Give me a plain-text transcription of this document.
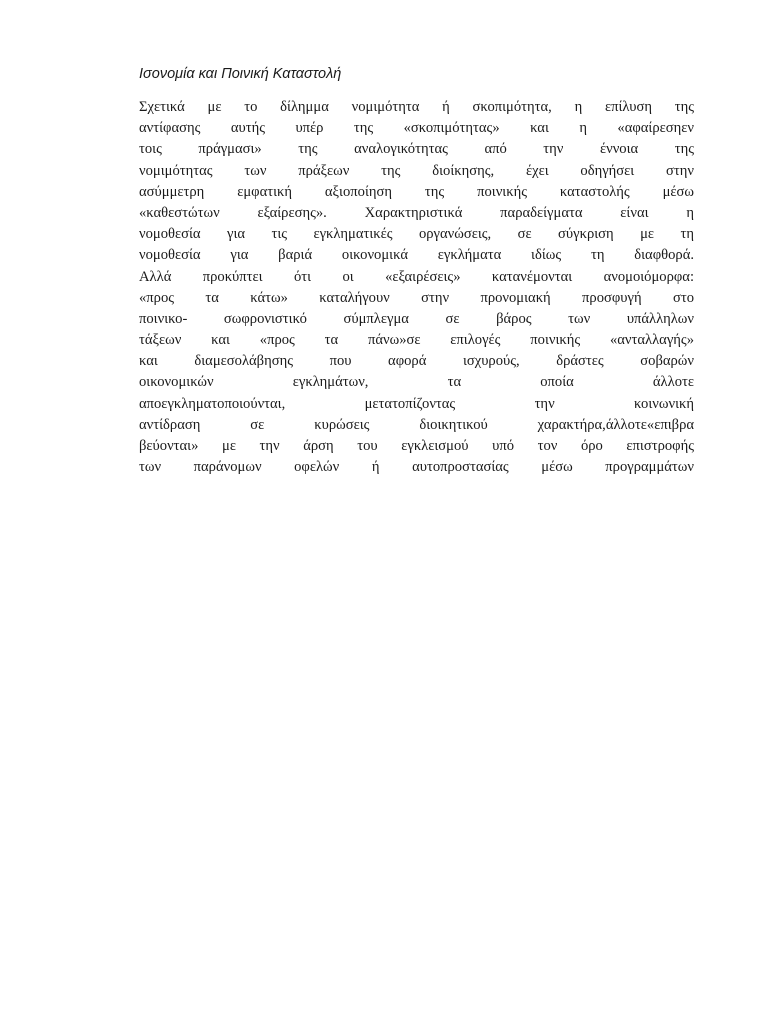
Ισονομία και Ποινική Καταστολή
Σχετικά με το δίλημμα νομιμότητα ή σκοπιμότητα, η επίλυση της
αντίφασης αυτής υπέρ της «σκοπιμότητας» και η «αφαίρεσηεν
τοις πράγμασι» της αναλογικότητας από την έννοια της
νομιμότητας των πράξεων της διοίκησης, έχει οδηγήσει στην
ασύμμετρη εμφατική αξιοποίηση της ποινικής καταστολής μέσω
«καθεστώτων εξαίρεσης». Χαρακτηριστικά παραδείγματα είναι η
νομοθεσία για τις εγκληματικές οργανώσεις, σε σύγκριση με τη
νομοθεσία για βαριά οικονομικά εγκλήματα ιδίως τη διαφθορά.
Αλλά προκύπτει ότι οι «εξαιρέσεις» κατανέμονται ανομοιόμορφα:
«προς τα κάτω» καταλήγουν στην προνομιακή προσφυγή στο
ποινικο- σωφρονιστικό σύμπλεγμα σε βάρος των υπάλληλων
τάξεων και «προς τα πάνω»σε επιλογές ποινικής «ανταλλαγής»
και διαμεσολάβησης που αφορά ισχυρούς, δράστες σοβαρών
οικονομικών εγκλημάτων, τα οποία άλλοτε
αποεγκληματοποιούνται, μετατοπίζοντας την κοινωνική
αντίδραση σε κυρώσεις διοικητικού χαρακτήρα,άλλοτε«επιβρα
βεύονται» με την άρση του εγκλεισμού υπό τον όρο επιστροφής
των παράνομων οφελών ή αυτοπροστασίας μέσω προγραμμάτων
